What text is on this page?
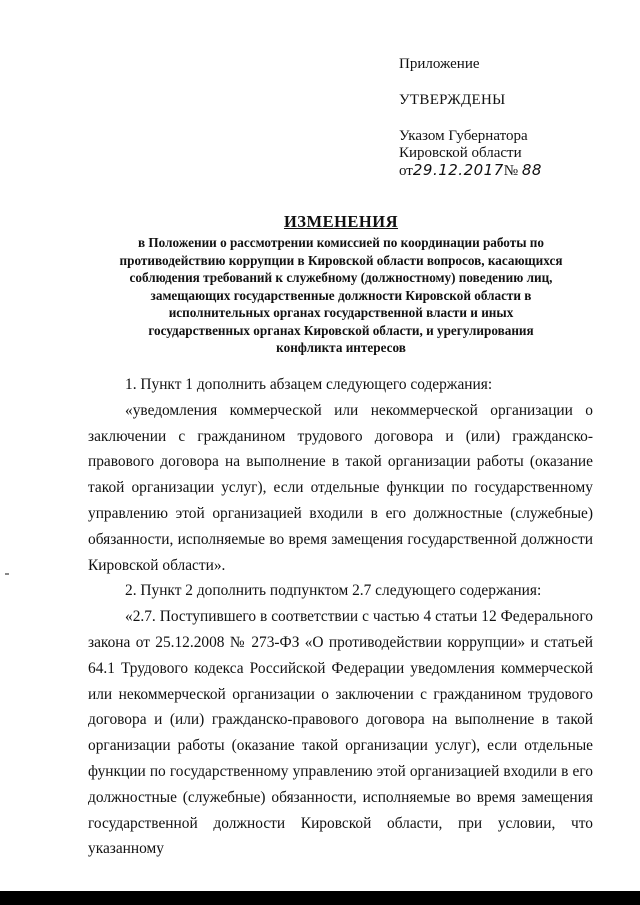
Приложение
УТВЕРЖДЕНЫ
Указом Губернатора
Кировской области
от29.12.2017№ 88
ИЗМЕНЕНИЯ
в Положении о рассмотрении комиссией по координации работы по
противодействию коррупции в Кировской области вопросов, касающихся
соблюдения требований к служебному (должностному) поведению лиц,
замещающих государственные должности Кировской области в
исполнительных органах государственной власти и иных
государственных органах Кировской области, и урегулирования
конфликта интересов

1. Пункт 1 дополнить абзацем следующего содержания:

«уведомления коммерческой или некоммерческой организации о заключении с гражданином трудового договора и (или) гражданско-правового договора на выполнение в такой организации работы (оказание такой организации услуг), если отдельные функции по государственному управлению этой организацией входили в его должностные (служебные) обязанности, исполняемые во время замещения государственной должности Кировской области».

2. Пункт 2 дополнить подпунктом 2.7 следующего содержания:

«2.7. Поступившего в соответствии с частью 4 статьи 12 Федерального закона от 25.12.2008 № 273-ФЗ «О противодействии коррупции» и статьей 64.1 Трудового кодекса Российской Федерации уведомления коммерческой или некоммерческой организации о заключении с гражданином трудового договора и (или) гражданско-правового договора на выполнение в такой организации работы (оказание такой организации услуг), если отдельные функции по государственному управлению этой организацией входили в его должностные (служебные) обязанности, исполняемые во время замещения государственной должности Кировской области, при условии, что указанному
